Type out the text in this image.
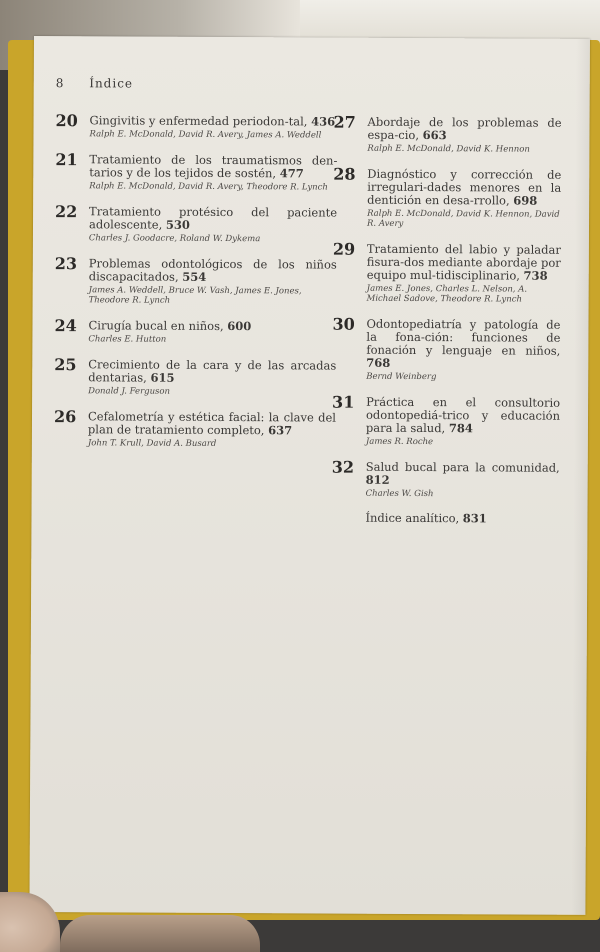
8 Índice
20 Gingivitis y enfermedad periodon-tal, 436
Ralph E. McDonald, David R. Avery, James A. Weddell
21 Tratamiento de los traumatismos den-tarios y de los tejidos de sostén, 477
Ralph E. McDonald, David R. Avery, Theodore R. Lynch
22 Tratamiento protésico del paciente adolescente, 530
Charles J. Goodacre, Roland W. Dykema
23 Problemas odontológicos de los niños discapacitados, 554
James A. Weddell, Bruce W. Vash, James E. Jones, Theodore R. Lynch
24 Cirugía bucal en niños, 600
Charles E. Hutton
25 Crecimiento de la cara y de las arcadas dentarias, 615
Donald J. Ferguson
26 Cefalometría y estética facial: la clave del plan de tratamiento completo, 637
John T. Krull, David A. Busard
27 Abordaje de los problemas de espa-cio, 663
Ralph E. McDonald, David K. Hennon
28 Diagnóstico y corrección de irregulari-dades menores en la dentición en desa-rrollo, 698
Ralph E. McDonald, David K. Hennon, David R. Avery
29 Tratamiento del labio y paladar fisura-dos mediante abordaje por equipo mul-tidisciplinario, 738
James E. Jones, Charles L. Nelson, A. Michael Sadove, Theodore R. Lynch
30 Odontopediatría y patología de la fona-ción: funciones de fonación y lenguaje en niños, 768
Bernd Weinberg
31 Práctica en el consultorio odontopediá-trico y educación para la salud, 784
James R. Roche
32 Salud bucal para la comunidad, 812
Charles W. Gish
Índice analítico, 831
